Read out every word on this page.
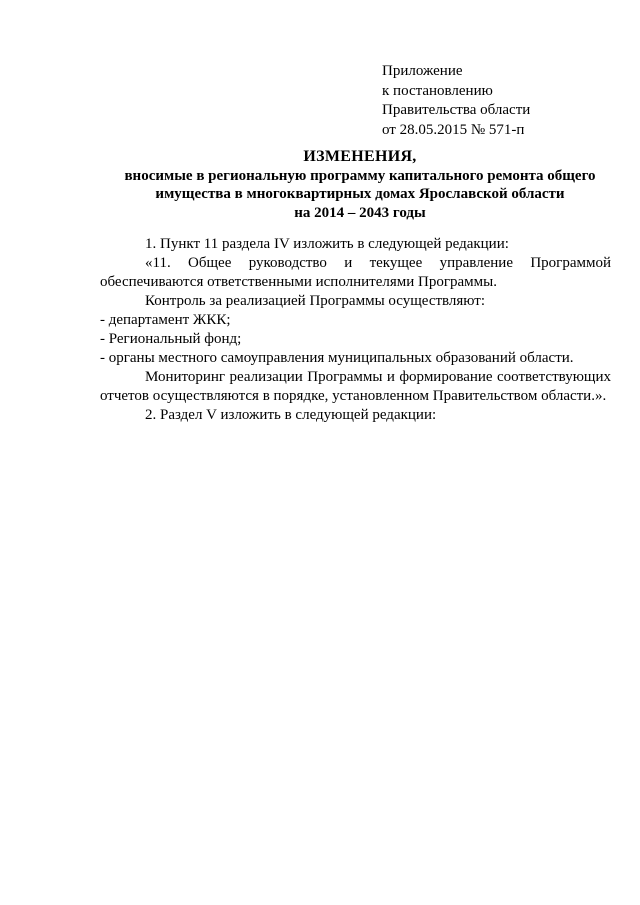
Приложение
к постановлению
Правительства области
от 28.05.2015 № 571-п
ИЗМЕНЕНИЯ,
вносимые в региональную программу капитального ремонта общего
имущества в многоквартирных домах Ярославской области
на 2014 – 2043 годы

1. Пункт 11 раздела IV изложить в следующей редакции:

«11. Общее руководство и текущее управление Программой обеспечиваются ответственными исполнителями Программы.

Контроль за реализацией Программы осуществляют:

- департамент ЖКК;

- Региональный фонд;

- органы местного самоуправления муниципальных образований области.

Мониторинг реализации Программы и формирование соответствующих отчетов осуществляются в порядке, установленном Правительством области.».

2. Раздел V изложить в следующей редакции:
